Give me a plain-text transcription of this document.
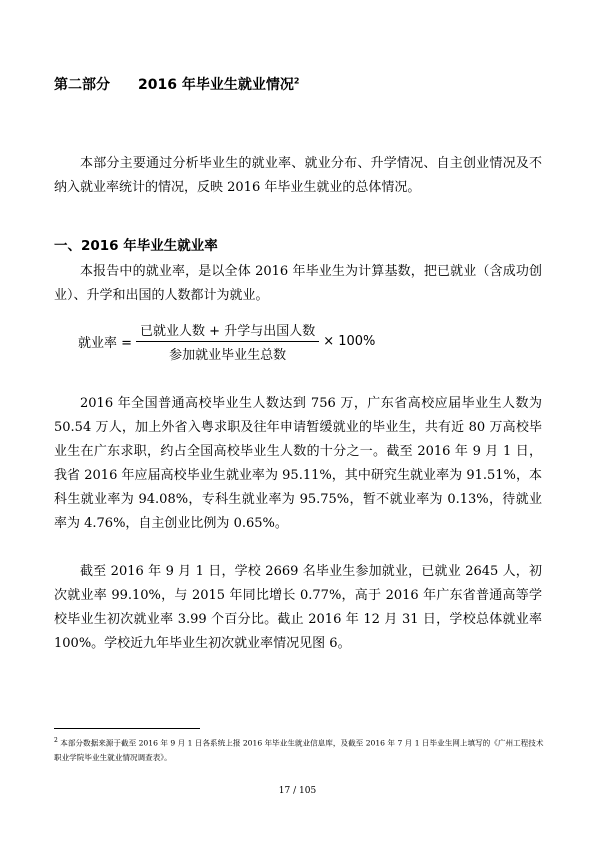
第二部分 2016 年毕业生就业情况$^2$

本部分主要通过分析毕业生的就业率、就业分布、升学情况、自主创业情况及不纳入就业率统计的情况，反映 2016 年毕业生就业的总体情况。

一、2016 年毕业生就业率

本报告中的就业率，是以全体 2016 年毕业生为计算基数，把已就业（含成功创业）、升学和出国的人数都计为就业。

就业率 = $\frac{\text{已就业人数 + 升学与出国人数}}{\text{参加就业毕业生总数}} \times 100\%$

2016 年全国普通高校毕业生人数达到 756 万，广东省高校应届毕业生人数为 50.54 万人，加上外省入粤求职及往年申请暂缓就业的毕业生，共有近 80 万高校毕业生在广东求职，约占全国高校毕业生人数的十分之一。截至 2016 年 9 月 1 日，我省 2016 年应届高校毕业生就业率为 95.11%，其中研究生就业率为 91.51%，本科生就业率为 94.08%，专科生就业率为 95.75%，暂不就业率为 0.13%，待就业率为 4.76%，自主创业比例为 0.65%。

截至 2016 年 9 月 1 日，学校 2669 名毕业生参加就业，已就业 2645 人，初次就业率 99.10%，与 2015 年同比增长 0.77%，高于 2016 年广东省普通高等学校毕业生初次就业率 3.99 个百分比。截止 2016 年 12 月 31 日，学校总体就业率 100%。学校近九年毕业生初次就业率情况见图 6。

$^2$ 本部分数据来源于截至 2016 年 9 月 1 日各系统上报 2016 年毕业生就业信息库，及截至 2016 年 7 月 1 日毕业生网上填写的《广州工程技术职业学院毕业生就业情况调查表》。

17 / 105
